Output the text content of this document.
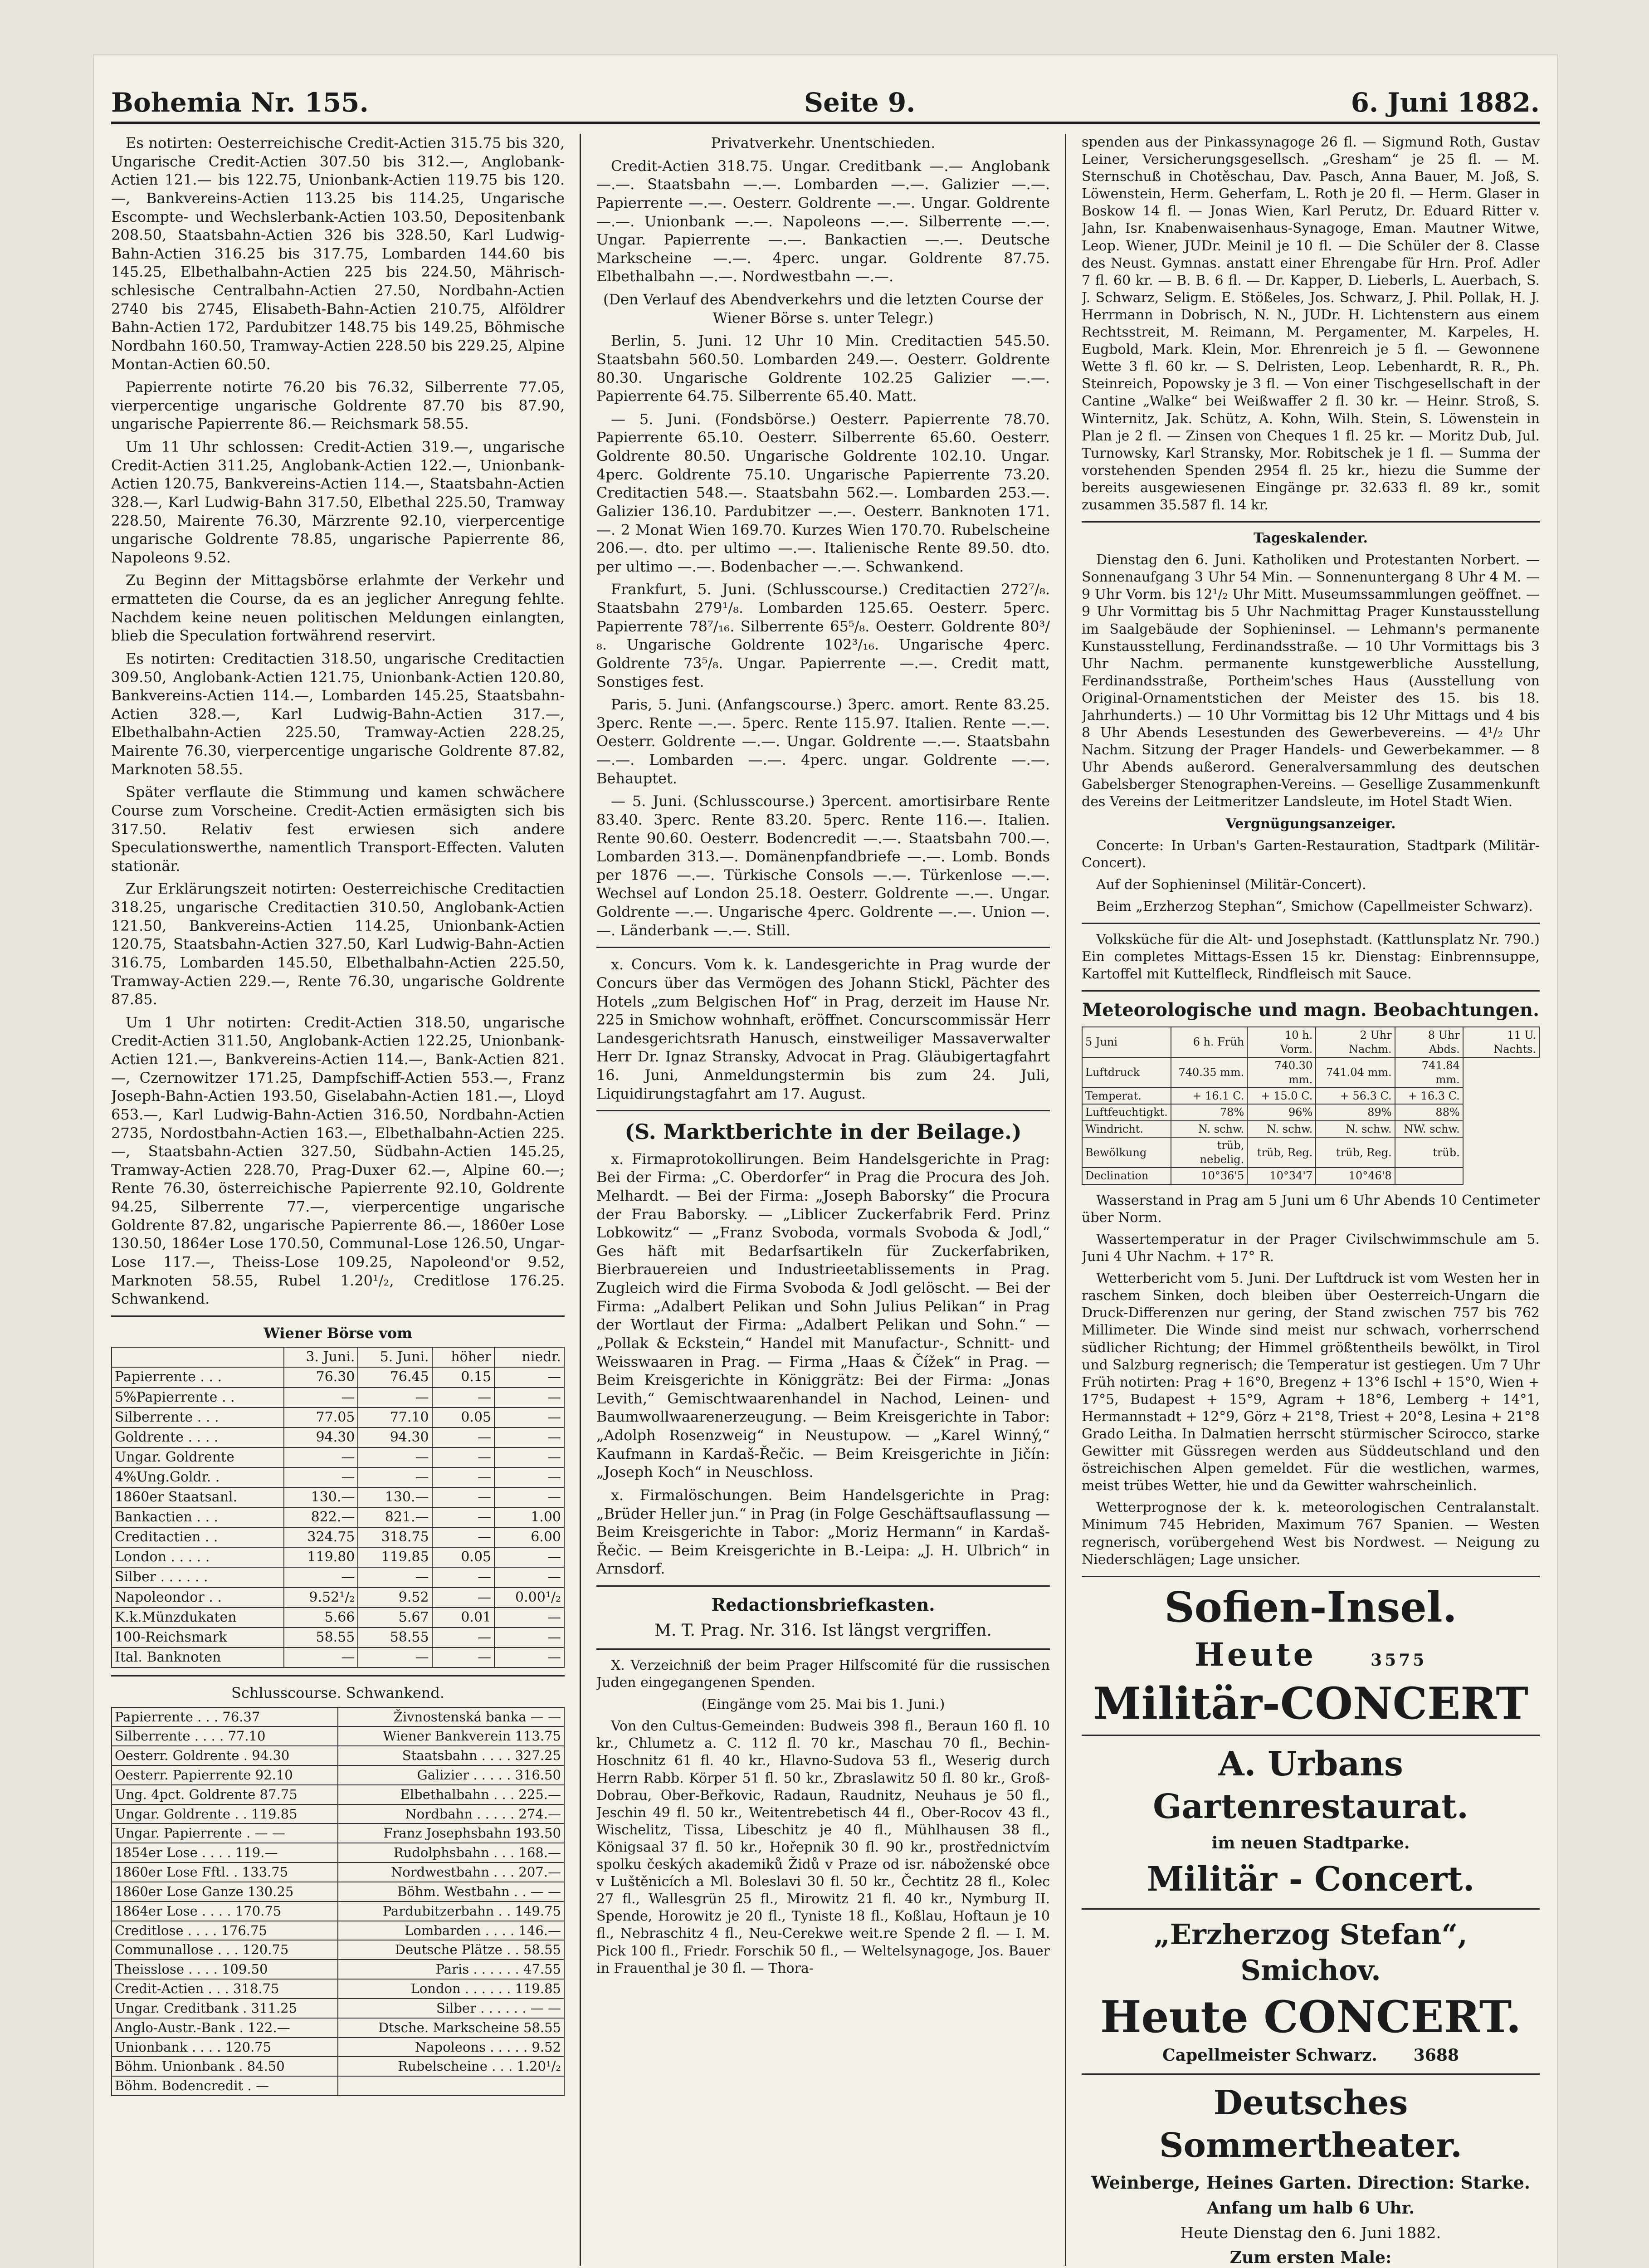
Bohemia Nr. 155.	Seite 9.	6. Juni 1882.

Es notirten: Oesterreichische Credit-Actien 315.75 bis 320, Ungarische Credit-Actien 307.50 bis 312.—, Anglobank-Actien 121.— bis 122.75, Unionbank-Actien 119.75 bis 120.—, Bankvereins-Actien 113.25 bis 114.25, Ungarische Escompte- und Wechslerbank-Actien 103.50, Depositenbank 208.50, Staatsbahn-Actien 326 bis 328.50, Karl Ludwig-Bahn-Actien 316.25 bis 317.75, Lombarden 144.60 bis 145.25, Elbethalbahn-Actien 225 bis 224.50, Mährisch-schlesische Centralbahn-Actien 27.50, Nordbahn-Actien 2740 bis 2745, Elisabeth-Bahn-Actien 210.75, Alföldrer Bahn-Actien 172, Pardubitzer 148.75 bis 149.25, Böhmische Nordbahn 160.50, Tramway-Actien 228.50 bis 229.25, Alpine Montan-Actien 60.50.

Papierrente notirte 76.20 bis 76.32, Silberrente 77.05, vierpercentige ungarische Goldrente 87.70 bis 87.90, ungarische Papierrente 86.— Reichsmark 58.55.

Um 11 Uhr schlossen: Credit-Actien 319.—, ungarische Credit-Actien 311.25, Anglobank-Actien 122.—, Unionbank-Actien 120.75, Bankvereins-Actien 114.—, Staatsbahn-Actien 328.—, Karl Ludwig-Bahn 317.50, Elbethal 225.50, Tramway 228.50, Mairente 76.30, Märzrente 92.10, vierpercentige ungarische Goldrente 78.85, ungarische Papierrente 86, Napoleons 9.52.

Zu Beginn der Mittagsbörse erlahmte der Verkehr und ermatteten die Course, da es an jeglicher Anregung fehlte. Nachdem keine neuen politischen Meldungen einlangten, blieb die Speculation fortwährend reservirt.

Es notirten: Creditactien 318.50, ungarische Creditactien 309.50, Anglobank-Actien 121.75, Unionbank-Actien 120.80, Bankvereins-Actien 114.—, Lombarden 145.25, Staatsbahn-Actien 328.—, Karl Ludwig-Bahn-Actien 317.—, Elbethalbahn-Actien 225.50, Tramway-Actien 228.25, Mairente 76.30, vierpercentige ungarische Goldrente 87.82, Marknoten 58.55.

Später verflaute die Stimmung und kamen schwächere Course zum Vorscheine. Credit-Actien ermäsigten sich bis 317.50. Relativ fest erwiesen sich andere Speculationswerthe, namentlich Transport-Effecten. Valuten stationär.

Zur Erklärungszeit notirten: Oesterreichische Creditactien 318.25, ungarische Creditactien 310.50, Anglobank-Actien 121.50, Bankvereins-Actien 114.25, Unionbank-Actien 120.75, Staatsbahn-Actien 327.50, Karl Ludwig-Bahn-Actien 316.75, Lombarden 145.50, Elbethalbahn-Actien 225.50, Tramway-Actien 229.—, Rente 76.30, ungarische Goldrente 87.85.

Um 1 Uhr notirten: Credit-Actien 318.50, ungarische Credit-Actien 311.50, Anglobank-Actien 122.25, Unionbank-Actien 121.—, Bankvereins-Actien 114.—, Bank-Actien 821.—, Czernowitzer 171.25, Dampfschiff-Actien 553.—, Franz Joseph-Bahn-Actien 193.50, Giselabahn-Actien 181.—, Lloyd 653.—, Karl Ludwig-Bahn-Actien 316.50, Nordbahn-Actien 2735, Nordostbahn-Actien 163.—, Elbethalbahn-Actien 225.—, Staatsbahn-Actien 327.50, Südbahn-Actien 145.25, Tramway-Actien 228.70, Prag-Duxer 62.—, Alpine 60.—; Rente 76.30, österreichische Papierrente 92.10, Goldrente 94.25, Silberrente 77.—, vierpercentige ungarische Goldrente 87.82, ungarische Papierrente 86.—, 1860er Lose 130.50, 1864er Lose 170.50, Communal-Lose 126.50, Ungar-Lose 117.—, Theiss-Lose 109.25, Napoleond'or 9.52, Marknoten 58.55, Rubel 1.20¹/₂, Creditlose 176.25. Schwankend.

Wiener Börse vom

	3. Juni.	5. Juni.	höher	niedr.
Papierrente . . .	76.30	76.45	0.15	—
5%Papierrente . .	—	—	—	—
Silberrente . . .	77.05	77.10	0.05	—
Goldrente . . . .	94.30	94.30	—	—
Ungar. Goldrente	—	—	—	—
4%Ung.Goldr. .	—	—	—	—
1860er Staatsanl.	130.—	130.—	—	—
Bankactien . . .	822.—	821.—	—	1.00
Creditactien . .	324.75	318.75	—	6.00
London . . . . .	119.80	119.85	0.05	—
Silber . . . . . .	—	—	—	—
Napoleondor . .	9.52¹/₂	9.52	—	0.00¹/₂
K.k.Münzdukaten	5.66	5.67	0.01	—
100-Reichsmark	58.55	58.55	—	—
Ital. Banknoten	—	—	—	—

Schlusscourse. Schwankend.

Papierrente . . . 76.37	Živnostenská banka — —
Silberrente . . . . 77.10	Wiener Bankverein 113.75
Oesterr. Goldrente . 94.30	Staatsbahn . . . . 327.25
Oesterr. Papierrente 92.10	Galizier . . . . . 316.50
Ung. 4pct. Goldrente 87.75	Elbethalbahn . . . 225.—
Ungar. Goldrente . . 119.85	Nordbahn . . . . . 274.—
Ungar. Papierrente . — —	Franz Josephsbahn 193.50
1854er Lose . . . . 119.—	Rudolphsbahn . . . 168.—
1860er Lose Fftl. . 133.75	Nordwestbahn . . . 207.—
1860er Lose Ganze 130.25	Böhm. Westbahn . . — —
1864er Lose . . . . 170.75	Pardubitzerbahn . . 149.75
Creditlose . . . . 176.75	Lombarden . . . . 146.—
Communallose . . . 120.75	Deutsche Plätze . . 58.55
Theisslose . . . . 109.50	Paris . . . . . . 47.55
Credit-Actien . . . 318.75	London . . . . . . 119.85
Ungar. Creditbank . 311.25	Silber . . . . . . — —
Anglo-Austr.-Bank . 122.—	Dtsche. Markscheine 58.55
Unionbank . . . . 120.75	Napoleons . . . . . 9.52
Böhm. Unionbank . 84.50	Rubelscheine . . . 1.20¹/₂
Böhm. Bodencredit . —	

Privatverkehr. Unentschieden.

Credit-Actien 318.75. Ungar. Creditbank —.— Anglobank —.—. Staatsbahn —.—. Lombarden —.—. Galizier —.—. Papierrente —.—. Oesterr. Goldrente —.—. Ungar. Goldrente —.—. Unionbank —.—. Napoleons —.—. Silberrente —.—. Ungar. Papierrente —.—. Bankactien —.—. Deutsche Markscheine —.—. 4perc. ungar. Goldrente 87.75. Elbethalbahn —.—. Nordwestbahn —.—.

(Den Verlauf des Abendverkehrs und die letzten Course der Wiener Börse s. unter Telegr.)

Berlin, 5. Juni. 12 Uhr 10 Min. Creditactien 545.50. Staatsbahn 560.50. Lombarden 249.—. Oesterr. Goldrente 80.30. Ungarische Goldrente 102.25 Galizier —.—. Papierrente 64.75. Silberrente 65.40. Matt.

— 5. Juni. (Fondsbörse.) Oesterr. Papierrente 78.70. Papierrente 65.10. Oesterr. Silberrente 65.60. Oesterr. Goldrente 80.50. Ungarische Goldrente 102.10. Ungar. 4perc. Goldrente 75.10. Ungarische Papierrente 73.20. Creditactien 548.—. Staatsbahn 562.—. Lombarden 253.—. Galizier 136.10. Pardubitzer —.—. Oesterr. Banknoten 171.—. 2 Monat Wien 169.70. Kurzes Wien 170.70. Rubelscheine 206.—. dto. per ultimo —.—. Italienische Rente 89.50. dto. per ultimo —.—. Bodenbacher —.—. Schwankend.

Frankfurt, 5. Juni. (Schlusscourse.) Creditactien 272⁷/₈. Staatsbahn 279¹/₈. Lombarden 125.65. Oesterr. 5perc. Papierrente 78⁷/₁₆. Silberrente 65⁵/₈. Oesterr. Goldrente 80³/₈. Ungarische Goldrente 102³/₁₆. Ungarische 4perc. Goldrente 73⁵/₈. Ungar. Papierrente —.—. Credit matt, Sonstiges fest.

Paris, 5. Juni. (Anfangscourse.) 3perc. amort. Rente 83.25. 3perc. Rente —.—. 5perc. Rente 115.97. Italien. Rente —.—. Oesterr. Goldrente —.—. Ungar. Goldrente —.—. Staatsbahn —.—. Lombarden —.—. 4perc. ungar. Goldrente —.—. Behauptet.

— 5. Juni. (Schlusscourse.) 3percent. amortisirbare Rente 83.40. 3perc. Rente 83.20. 5perc. Rente 116.—. Italien. Rente 90.60. Oesterr. Bodencredit —.—. Staatsbahn 700.—. Lombarden 313.—. Domänenpfandbriefe —.—. Lomb. Bonds per 1876 —.—. Türkische Consols —.—. Türkenlose —.—. Wechsel auf London 25.18. Oesterr. Goldrente —.—. Ungar. Goldrente —.—. Ungarische 4perc. Goldrente —.—. Union —.—. Länderbank —.—. Still.

x. Concurs. Vom k. k. Landesgerichte in Prag wurde der Concurs über das Vermögen des Johann Stickl, Pächter des Hotels „zum Belgischen Hof“ in Prag, derzeit im Hause Nr. 225 in Smichow wohnhaft, eröffnet. Concurscommissär Herr Landesgerichtsrath Hanusch, einstweiliger Massaverwalter Herr Dr. Ignaz Stransky, Advocat in Prag. Gläubigertagfahrt 16. Juni, Anmeldungstermin bis zum 24. Juli, Liquidirungstagfahrt am 17. August.

(S. Marktberichte in der Beilage.)

x. Firmaprotokollirungen. Beim Handelsgerichte in Prag: Bei der Firma: „C. Oberdorfer“ in Prag die Procura des Joh. Melhardt. — Bei der Firma: „Joseph Baborsky“ die Procura der Frau Baborsky. — „Liblicer Zuckerfabrik Ferd. Prinz Lobkowitz“ — „Franz Svoboda, vormals Svoboda & Jodl,“ Ges häft mit Bedarfsartikeln für Zuckerfabriken, Bierbrauereien und Industrieetablissements in Prag. Zugleich wird die Firma Svoboda & Jodl gelöscht. — Bei der Firma: „Adalbert Pelikan und Sohn Julius Pelikan“ in Prag der Wortlaut der Firma: „Adalbert Pelikan und Sohn.“ — „Pollak & Eckstein,“ Handel mit Manufactur-, Schnitt- und Weisswaaren in Prag. — Firma „Haas & Čížek“ in Prag. — Beim Kreisgerichte in Königgrätz: Bei der Firma: „Jonas Levith,“ Gemischtwaarenhandel in Nachod, Leinen- und Baumwollwaarenerzeugung. — Beim Kreisgerichte in Tabor: „Adolph Rosenzweig“ in Neustupow. — „Karel Winný,“ Kaufmann in Kardaš-Řečic. — Beim Kreisgerichte in Jičín: „Joseph Koch“ in Neuschloss.

x. Firmalöschungen. Beim Handelsgerichte in Prag: „Brüder Heller jun.“ in Prag (in Folge Geschäftsauflassung — Beim Kreisgerichte in Tabor: „Moriz Hermann“ in Kardaš-Řečic. — Beim Kreisgerichte in B.-Leipa: „J. H. Ulbrich“ in Arnsdorf.

Redactionsbriefkasten.

M. T. Prag. Nr. 316. Ist längst vergriffen.

X. Verzeichniß der beim Prager Hilfscomité für die russischen Juden eingegangenen Spenden.

(Eingänge vom 25. Mai bis 1. Juni.)

Von den Cultus-Gemeinden: Budweis 398 fl., Beraun 160 fl. 10 kr., Chlumetz a. C. 112 fl. 70 kr., Maschau 70 fl., Bechin-Hoschnitz 61 fl. 40 kr., Hlavno-Sudova 53 fl., Weserig durch Herrn Rabb. Körper 51 fl. 50 kr., Zbraslawitz 50 fl. 80 kr., Groß-Dobrau, Ober-Beřkovic, Radaun, Raudnitz, Neuhaus je 50 fl., Jeschin 49 fl. 50 kr., Weitentrebetisch 44 fl., Ober-Rocov 43 fl., Wischelitz, Tissa, Libeschitz je 40 fl., Mühlhausen 38 fl., Königsaal 37 fl. 50 kr., Hořepnik 30 fl. 90 kr., prostřednictvím spolku českých akademiků Židů v Praze od isr. náboženské obce v Luštěnicích a Ml. Boleslavi 30 fl. 50 kr., Čechtitz 28 fl., Kolec 27 fl., Wallesgrün 25 fl., Mirowitz 21 fl. 40 kr., Nymburg II. Spende, Horowitz je 20 fl., Tyniste 18 fl., Koßlau, Hoftaun je 10 fl., Nebraschitz 4 fl., Neu-Cerekwe weit.re Spende 2 fl. — I. M. Pick 100 fl., Friedr. Forschik 50 fl., — Weltelsynagoge, Jos. Bauer in Frauenthal je 30 fl. — Thora-

spenden aus der Pinkassynagoge 26 fl. — Sigmund Roth, Gustav Leiner, Versicherungsgesellsch. „Gresham“ je 25 fl. — M. Sternschuß in Chotěschau, Dav. Pasch, Anna Bauer, M. Joß, S. Löwenstein, Herm. Geherfam, L. Roth je 20 fl. — Herm. Glaser in Boskow 14 fl. — Jonas Wien, Karl Perutz, Dr. Eduard Ritter v. Jahn, Isr. Knabenwaisenhaus-Synagoge, Eman. Mautner Witwe, Leop. Wiener, JUDr. Meinil je 10 fl. — Die Schüler der 8. Classe des Neust. Gymnas. anstatt einer Ehrengabe für Hrn. Prof. Adler 7 fl. 60 kr. — B. B. 6 fl. — Dr. Kapper, D. Lieberls, L. Auerbach, S. J. Schwarz, Seligm. E. Stößeles, Jos. Schwarz, J. Phil. Pollak, H. J. Herrmann in Dobrisch, N. N., JUDr. H. Lichtenstern aus einem Rechtsstreit, M. Reimann, M. Pergamenter, M. Karpeles, H. Eugbold, Mark. Klein, Mor. Ehrenreich je 5 fl. — Gewonnene Wette 3 fl. 60 kr. — S. Delristen, Leop. Lebenhardt, R. R., Ph. Steinreich, Popowsky je 3 fl. — Von einer Tischgesellschaft in der Cantine „Walke“ bei Weißwaffer 2 fl. 30 kr. — Heinr. Stroß, S. Winternitz, Jak. Schütz, A. Kohn, Wilh. Stein, S. Löwenstein in Plan je 2 fl. — Zinsen von Cheques 1 fl. 25 kr. — Moritz Dub, Jul. Turnowsky, Karl Stransky, Mor. Robitschek je 1 fl. — Summa der vorstehenden Spenden 2954 fl. 25 kr., hiezu die Summe der bereits ausgewiesenen Eingänge pr. 32.633 fl. 89 kr., somit zusammen 35.587 fl. 14 kr.

Tageskalender.

Dienstag den 6. Juni. Katholiken und Protestanten Norbert. — Sonnenaufgang 3 Uhr 54 Min. — Sonnenuntergang 8 Uhr 4 M. — 9 Uhr Vorm. bis 12¹/₂ Uhr Mitt. Museumssammlungen geöffnet. — 9 Uhr Vormittag bis 5 Uhr Nachmittag Prager Kunstausstellung im Saalgebäude der Sophieninsel. — Lehmann's permanente Kunstausstellung, Ferdinandsstraße. — 10 Uhr Vormittags bis 3 Uhr Nachm. permanente kunstgewerbliche Ausstellung, Ferdinandsstraße, Portheim'sches Haus (Ausstellung von Original-Ornamentstichen der Meister des 15. bis 18. Jahrhunderts.) — 10 Uhr Vormittag bis 12 Uhr Mittags und 4 bis 8 Uhr Abends Lesestunden des Gewerbevereins. — 4¹/₂ Uhr Nachm. Sitzung der Prager Handels- und Gewerbekammer. — 8 Uhr Abends außerord. Generalversammlung des deutschen Gabelsberger Stenographen-Vereins. — Gesellige Zusammenkunft des Vereins der Leitmeritzer Landsleute, im Hotel Stadt Wien.

Vergnügungsanzeiger.

Concerte: In Urban's Garten-Restauration, Stadtpark (Militär-Concert).

Auf der Sophieninsel (Militär-Concert).

Beim „Erzherzog Stephan“, Smichow (Capellmeister Schwarz).

Volksküche für die Alt- und Josephstadt. (Kattlunsplatz Nr. 790.) Ein completes Mittags-Essen 15 kr. Dienstag: Einbrennsuppe, Kartoffel mit Kuttelfleck, Rindfleisch mit Sauce.

Meteorologische und magn. Beobachtungen.

5 Juni	6 h. Früh	10 h. Vorm.	2 Uhr Nachm.	8 Uhr Abds.	11 U. Nachts.
Luftdruck	740.35 mm.	740.30 mm.	741.04 mm.	741.84 mm.	
Temperat.	+ 16.1 C.	+ 15.0 C.	+ 56.3 C.	+ 16.3 C.	
Luftfeuchtigkt.	78%	96%	89%	88%	
Windricht.	N. schw.	N. schw.	N. schw.	NW. schw.	
Bewölkung	trüb, nebelig.	trüb, Reg.	trüb, Reg.	trüb.	
Declination	10°36'5	10°34'7	10°46'8		

Wasserstand in Prag am 5 Juni um 6 Uhr Abends 10 Centimeter über Norm.

Wassertemperatur in der Prager Civilschwimmschule am 5. Juni 4 Uhr Nachm. + 17° R.

Wetterbericht vom 5. Juni. Der Luftdruck ist vom Westen her in raschem Sinken, doch bleiben über Oesterreich-Ungarn die Druck-Differenzen nur gering, der Stand zwischen 757 bis 762 Millimeter. Die Winde sind meist nur schwach, vorherrschend südlicher Richtung; der Himmel größtentheils bewölkt, in Tirol und Salzburg regnerisch; die Temperatur ist gestiegen. Um 7 Uhr Früh notirten: Prag + 16°0, Bregenz + 13°6 Ischl + 15°0, Wien + 17°5, Budapest + 15°9, Agram + 18°6, Lemberg + 14°1, Hermannstadt + 12°9, Görz + 21°8, Triest + 20°8, Lesina + 21°8 Grado Leitha. In Dalmatien herrscht stürmischer Scirocco, starke Gewitter mit Güssregen werden aus Süddeutschland und den östreichischen Alpen gemeldet. Für die westlichen, warmes, meist trübes Wetter, hie und da Gewitter wahrscheinlich.

Wetterprognose der k. k. meteorologischen Centralanstalt. Minimum 745 Hebriden, Maximum 767 Spanien. — Westen regnerisch, vorübergehend West bis Nordwest. — Neigung zu Niederschlägen; Lage unsicher.

Sofien-Insel.

Heute	3575

Militär-CONCERT

A. Urbans Gartenrestaurat.

im neuen Stadtparke.

Militär - Concert.

„Erzherzog Stefan“, Smichov.

Heute CONCERT.

Capellmeister Schwarz. 3688

Deutsches Sommertheater.

Weinberge, Heines Garten. Direction: Starke.

Anfang um halb 6 Uhr.

Heute Dienstag den 6. Juni 1882.

Zum ersten Male:
